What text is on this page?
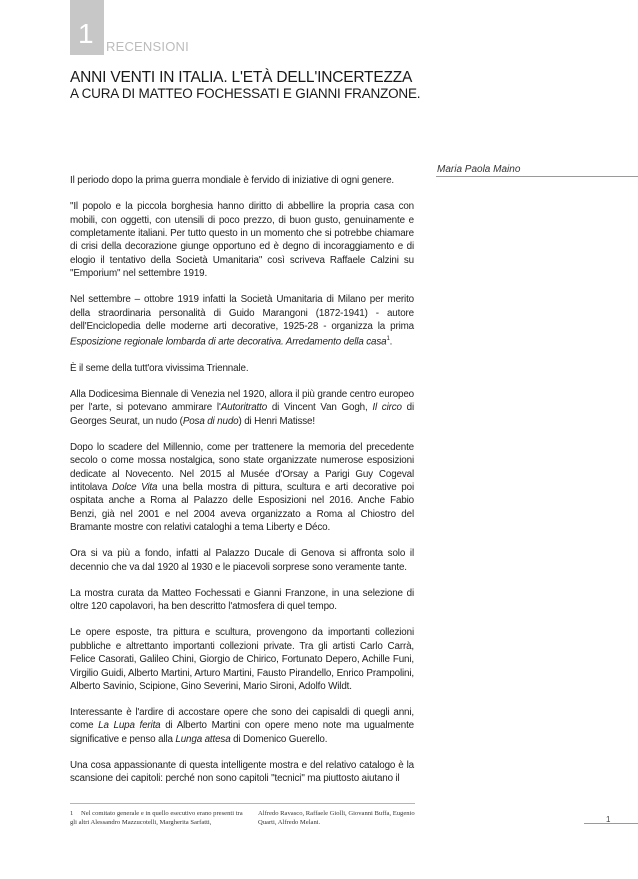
1 RECENSIONI
ANNI VENTI IN ITALIA. L'ETÀ DELL'INCERTEZZA
A CURA DI MATTEO FOCHESSATI E GIANNI FRANZONE.
Maria Paola Maino

Il periodo dopo la prima guerra mondiale è fervido di iniziative di ogni genere.

"Il popolo e la piccola borghesia hanno diritto di abbellire la propria casa con mobili, con oggetti, con utensili di poco prezzo, di buon gusto, genuinamente e completamente italiani. Per tutto questo in un momento che si potrebbe chiamare di crisi della decorazione giunge opportuno ed è degno di incoraggiamento e di elogio il tentativo della Società Umanitaria" così scriveva Raffaele Calzini su "Emporium" nel settembre 1919.

Nel settembre – ottobre 1919 infatti la Società Umanitaria di Milano per merito della straordinaria personalità di Guido Marangoni (1872-1941) - autore dell'Enciclopedia delle moderne arti decorative, 1925-28 - organizza la prima Esposizione regionale lombarda di arte decorativa. Arredamento della casa$^1$.

È il seme della tutt'ora vivissima Triennale.

Alla Dodicesima Biennale di Venezia nel 1920, allora il più grande centro europeo per l'arte, si potevano ammirare l'Autoritratto di Vincent Van Gogh, Il circo di Georges Seurat, un nudo (Posa di nudo) di Henri Matisse!

Dopo lo scadere del Millennio, come per trattenere la memoria del precedente secolo o come mossa nostalgica, sono state organizzate numerose esposizioni dedicate al Novecento. Nel 2015 al Musée d'Orsay a Parigi Guy Cogeval intitolava Dolce Vita una bella mostra di pittura, scultura e arti decorative poi ospitata anche a Roma al Palazzo delle Esposizioni nel 2016. Anche Fabio Benzi, già nel 2001 e nel 2004 aveva organizzato a Roma al Chiostro del Bramante mostre con relativi cataloghi a tema Liberty e Déco.

Ora si va più a fondo, infatti al Palazzo Ducale di Genova si affronta solo il decennio che va dal 1920 al 1930 e le piacevoli sorprese sono veramente tante.

La mostra curata da Matteo Fochessati e Gianni Franzone, in una selezione di oltre 120 capolavori, ha ben descritto l'atmosfera di quel tempo.

Le opere esposte, tra pittura e scultura, provengono da importanti collezioni pubbliche e altrettanto importanti collezioni private. Tra gli artisti Carlo Carrà, Felice Casorati, Galileo Chini, Giorgio de Chirico, Fortunato Depero, Achille Funi, Virgilio Guidi, Alberto Martini, Arturo Martini, Fausto Pirandello, Enrico Prampolini, Alberto Savinio, Scipione, Gino Severini, Mario Sironi, Adolfo Wildt.

Interessante è l'ardire di accostare opere che sono dei capisaldi di quegli anni, come La Lupa ferita di Alberto Martini con opere meno note ma ugualmente significative e penso alla Lunga attesa di Domenico Guerello.

Una cosa appassionante di questa intelligente mostra e del relativo catalogo è la scansione dei capitoli: perché non sono capitoli "tecnici" ma piuttosto aiutano il

1 Nel comitato generale e in quello esecutivo erano presenti tra gli altri Alessandro Mazzucotelli, Margherita Sarfatti,
Alfredo Ravasco, Raffaele Giolli, Giovanni Buffa, Eugenio Quarti, Alfredo Melani.	1
